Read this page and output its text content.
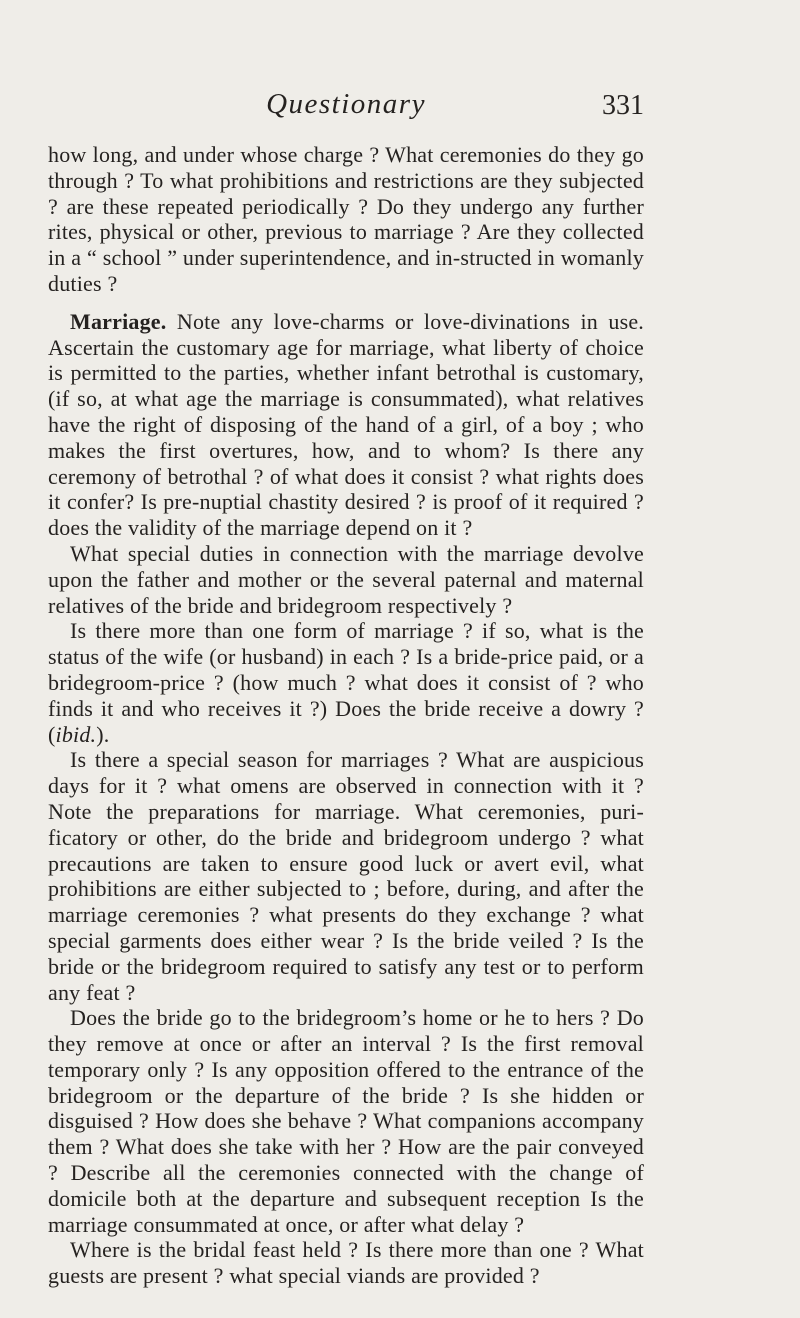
Questionary	331

how long, and under whose charge ? What ceremonies do they go through ? To what prohibitions and restrictions are they subjected ? are these repeated periodically ? Do they undergo any further rites, physical or other, previous to marriage ? Are they collected in a “ school ” under superintendence, and in-structed in womanly duties ?

Marriage. Note any love-charms or love-divinations in use. Ascertain the customary age for marriage, what liberty of choice is permitted to the parties, whether infant betrothal is customary, (if so, at what age the marriage is consummated), what relatives have the right of disposing of the hand of a girl, of a boy ; who makes the first overtures, how, and to whom? Is there any ceremony of betrothal ? of what does it consist ? what rights does it confer? Is pre-nuptial chastity desired ? is proof of it required ? does the validity of the marriage depend on it ?

What special duties in connection with the marriage devolve upon the father and mother or the several paternal and maternal relatives of the bride and bridegroom respectively ?

Is there more than one form of marriage ? if so, what is the status of the wife (or husband) in each ? Is a bride-price paid, or a bridegroom-price ? (how much ? what does it consist of ? who finds it and who receives it ?) Does the bride receive a dowry ? (ibid.).

Is there a special season for marriages ? What are auspicious days for it ? what omens are observed in connection with it ? Note the preparations for marriage. What ceremonies, puri-ficatory or other, do the bride and bridegroom undergo ? what precautions are taken to ensure good luck or avert evil, what prohibitions are either subjected to ; before, during, and after the marriage ceremonies ? what presents do they exchange ? what special garments does either wear ? Is the bride veiled ? Is the bride or the bridegroom required to satisfy any test or to perform any feat ?

Does the bride go to the bridegroom’s home or he to hers ? Do they remove at once or after an interval ? Is the first removal temporary only ? Is any opposition offered to the entrance of the bridegroom or the departure of the bride ? Is she hidden or disguised ? How does she behave ? What companions accompany them ? What does she take with her ? How are the pair conveyed ? Describe all the ceremonies connected with the change of domicile both at the departure and subsequent reception Is the marriage consummated at once, or after what delay ?

Where is the bridal feast held ? Is there more than one ? What guests are present ? what special viands are provided ?
